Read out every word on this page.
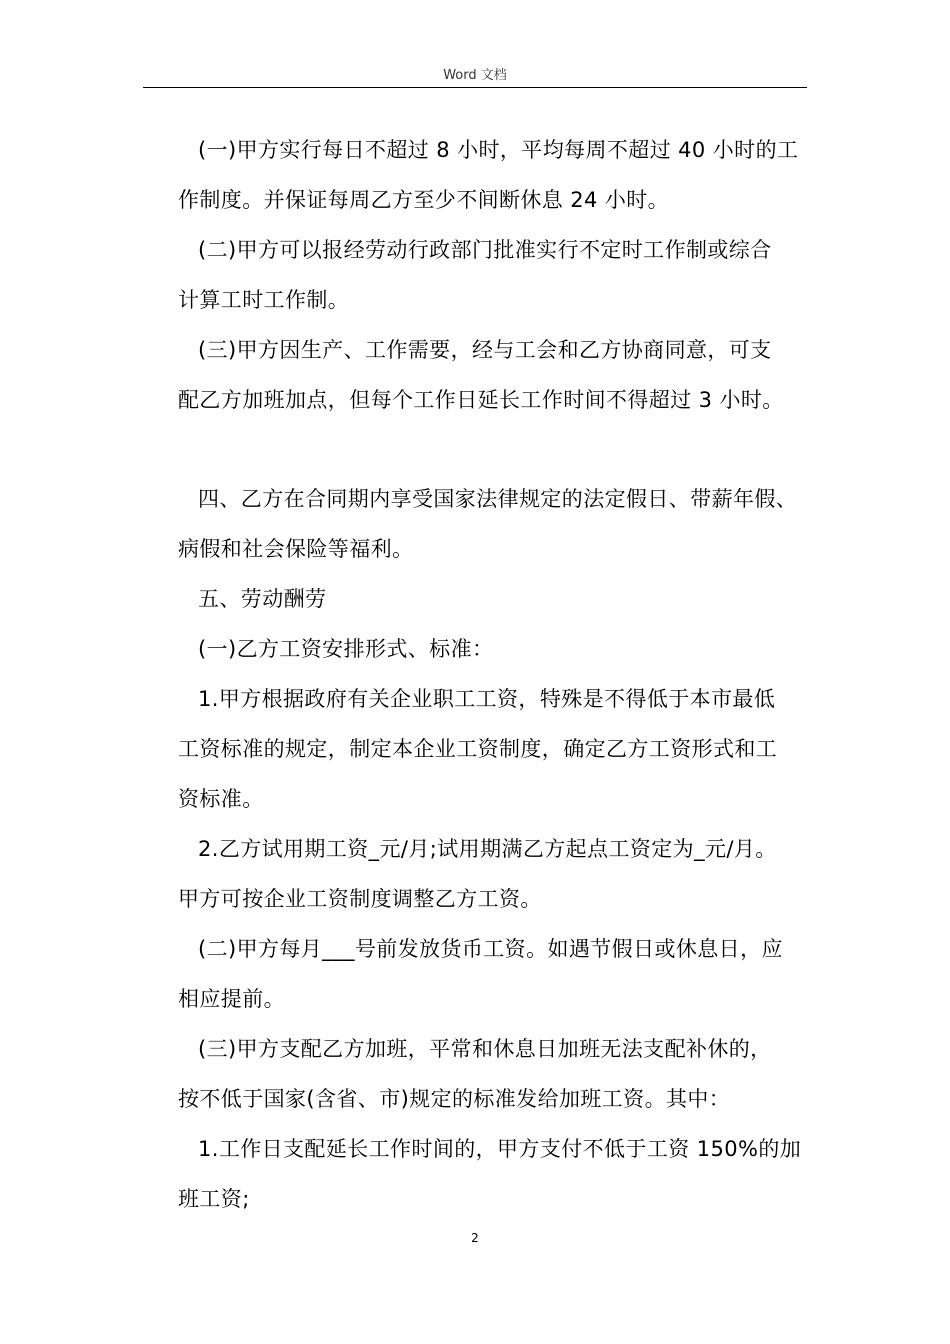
Word 文档
(一)甲方实行每日不超过 8 小时，平均每周不超过 40 小时的工
作制度。并保证每周乙方至少不间断休息 24 小时。
(二)甲方可以报经劳动行政部门批准实行不定时工作制或综合
计算工时工作制。
(三)甲方因生产、工作需要，经与工会和乙方协商同意，可支
配乙方加班加点，但每个工作日延长工作时间不得超过 3 小时。
四、乙方在合同期内享受国家法律规定的法定假日、带薪年假、
病假和社会保险等福利。
五、劳动酬劳
(一)乙方工资安排形式、标准：
1.甲方根据政府有关企业职工工资，特殊是不得低于本市最低
工资标准的规定，制定本企业工资制度，确定乙方工资形式和工
资标准。
2.乙方试用期工资_元/月;试用期满乙方起点工资定为_元/月。
甲方可按企业工资制度调整乙方工资。
(二)甲方每月___号前发放货币工资。如遇节假日或休息日，应
相应提前。
(三)甲方支配乙方加班，平常和休息日加班无法支配补休的，
按不低于国家(含省、市)规定的标准发给加班工资。其中：
1.工作日支配延长工作时间的，甲方支付不低于工资 150%的加
班工资;
2
